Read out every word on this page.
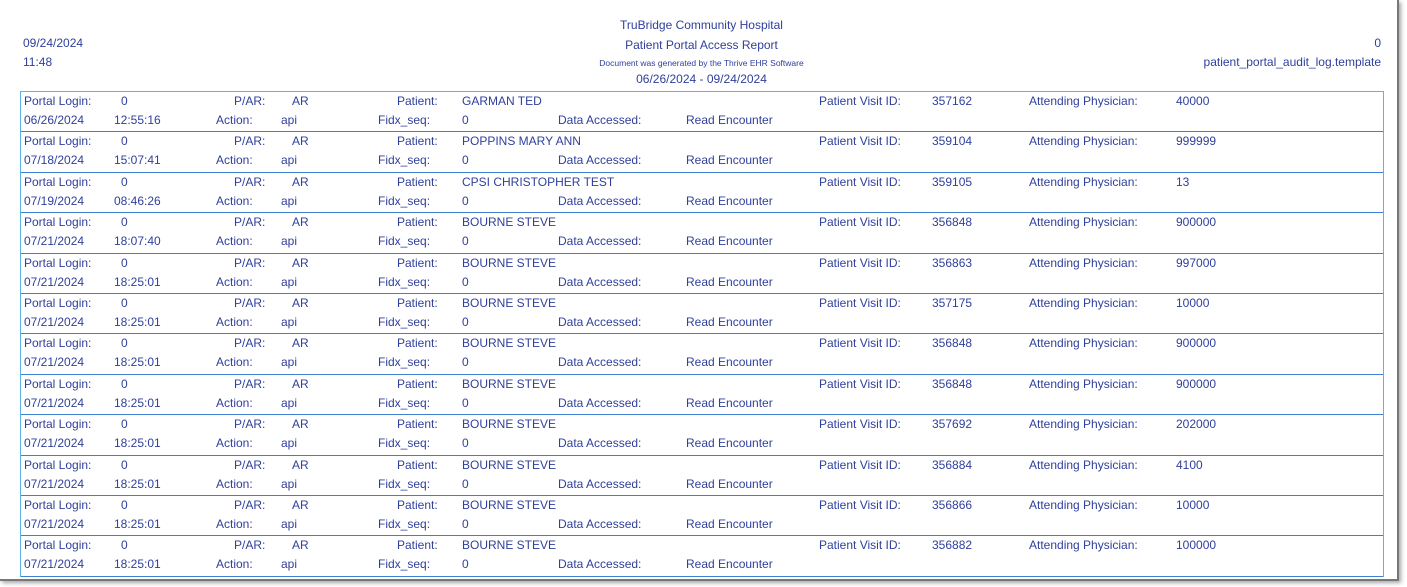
TruBridge Community Hospital
Patient Portal Access Report
Document was generated by the Thrive EHR Software
06/26/2024 - 09/24/2024
09/24/2024
11:48
0
patient_portal_audit_log.template
Portal Login: 0	P/AR: AR	Patient: GARMAN TED	Patient Visit ID:	357162	Attending Physician:	40000
06/26/2024 12:55:16	Action: api	Fidx_seq:	0	Data Accessed:	Read Encounter
Portal Login: 0	P/AR: AR	Patient: POPPINS MARY ANN	Patient Visit ID:	359104	Attending Physician:	999999
07/18/2024 15:07:41	Action: api	Fidx_seq:	0	Data Accessed:	Read Encounter
Portal Login: 0	P/AR: AR	Patient: CPSI CHRISTOPHER TEST	Patient Visit ID:	359105	Attending Physician:	13
07/19/2024 08:46:26	Action: api	Fidx_seq:	0	Data Accessed:	Read Encounter
Portal Login: 0	P/AR: AR	Patient: BOURNE STEVE	Patient Visit ID:	356848	Attending Physician:	900000
07/21/2024 18:07:40	Action: api	Fidx_seq:	0	Data Accessed:	Read Encounter
Portal Login: 0	P/AR: AR	Patient: BOURNE STEVE	Patient Visit ID:	356863	Attending Physician:	997000
07/21/2024 18:25:01	Action: api	Fidx_seq:	0	Data Accessed:	Read Encounter
Portal Login: 0	P/AR: AR	Patient: BOURNE STEVE	Patient Visit ID:	357175	Attending Physician:	10000
07/21/2024 18:25:01	Action: api	Fidx_seq:	0	Data Accessed:	Read Encounter
Portal Login: 0	P/AR: AR	Patient: BOURNE STEVE	Patient Visit ID:	356848	Attending Physician:	900000
07/21/2024 18:25:01	Action: api	Fidx_seq:	0	Data Accessed:	Read Encounter
Portal Login: 0	P/AR: AR	Patient: BOURNE STEVE	Patient Visit ID:	356848	Attending Physician:	900000
07/21/2024 18:25:01	Action: api	Fidx_seq:	0	Data Accessed:	Read Encounter
Portal Login: 0	P/AR: AR	Patient: BOURNE STEVE	Patient Visit ID:	357692	Attending Physician:	202000
07/21/2024 18:25:01	Action: api	Fidx_seq:	0	Data Accessed:	Read Encounter
Portal Login: 0	P/AR: AR	Patient: BOURNE STEVE	Patient Visit ID:	356884	Attending Physician:	4100
07/21/2024 18:25:01	Action: api	Fidx_seq:	0	Data Accessed:	Read Encounter
Portal Login: 0	P/AR: AR	Patient: BOURNE STEVE	Patient Visit ID:	356866	Attending Physician:	10000
07/21/2024 18:25:01	Action: api	Fidx_seq:	0	Data Accessed:	Read Encounter
Portal Login: 0	P/AR: AR	Patient: BOURNE STEVE	Patient Visit ID:	356882	Attending Physician:	100000
07/21/2024 18:25:01	Action: api	Fidx_seq:	0	Data Accessed:	Read Encounter
